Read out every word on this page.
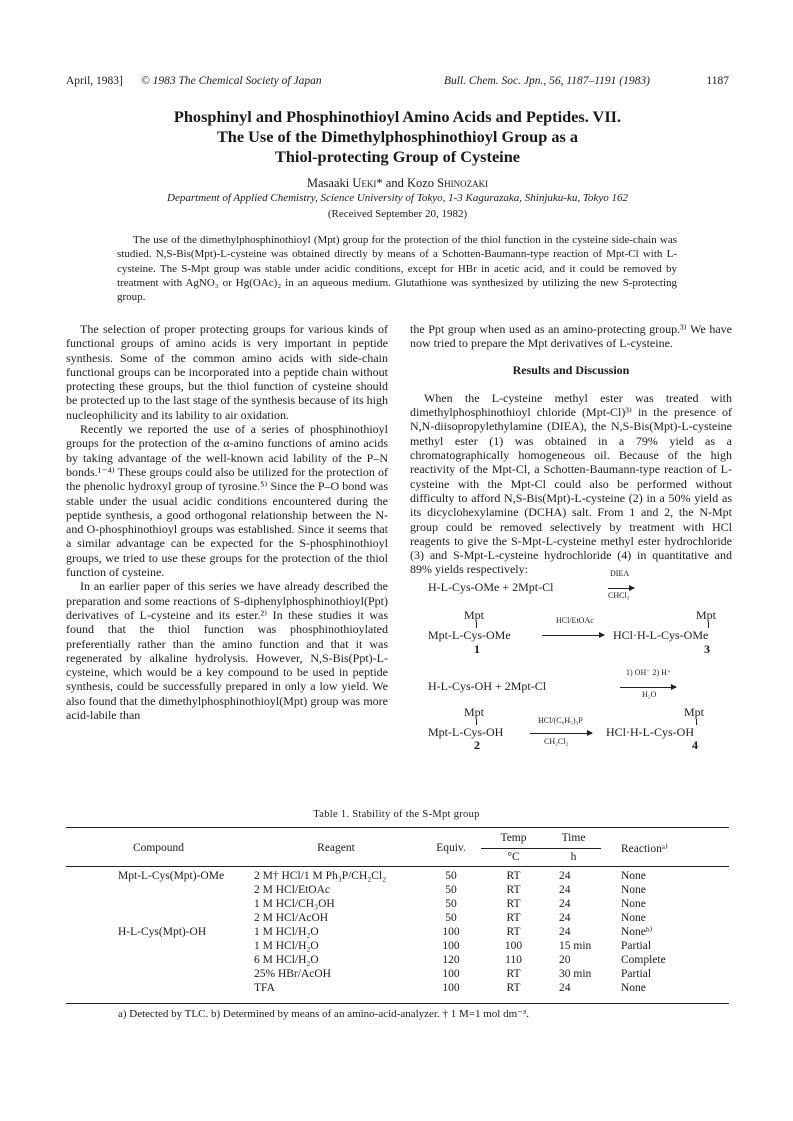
April, 1983] © 1983 The Chemical Society of Japan	Bull. Chem. Soc. Jpn., 56, 1187–1191 (1983)	1187
Phosphinyl and Phosphinothioyl Amino Acids and Peptides. VII.
The Use of the Dimethylphosphinothioyl Group as a
Thiol-protecting Group of Cysteine
Masaaki Ueki* and Kozo Shinozaki
Department of Applied Chemistry, Science University of Tokyo, 1-3 Kagurazaka, Shinjuku-ku, Tokyo 162
(Received September 20, 1982)

The use of the dimethylphosphinothioyl (Mpt) group for the protection of the thiol function in the cysteine side-chain was studied. N,S-Bis(Mpt)-L-cysteine was obtained directly by means of a Schotten-Baumann-type reaction of Mpt-Cl with L-cysteine. The S-Mpt group was stable under acidic conditions, except for HBr in acetic acid, and it could be removed by treatment with AgNO₃ or Hg(OAc)₂ in an aqueous medium. Glutathione was synthesized by utilizing the new S-protecting group.

The selection of proper protecting groups for various kinds of functional groups of amino acids is very important in peptide synthesis. Some of the common amino acids with side-chain functional groups can be incorporated into a peptide chain without protecting these groups, but the thiol function of cysteine should be protected up to the last stage of the synthesis because of its high nucleophilicity and its lability to air oxidation.

Recently we reported the use of a series of phosphinothioyl groups for the protection of the α-amino functions of amino acids by taking advantage of the well-known acid lability of the P–N bonds.¹⁻⁴⁾ These groups could also be utilized for the protection of the phenolic hydroxyl group of tyrosine.⁵⁾ Since the P–O bond was stable under the usual acidic conditions encountered during the peptide synthesis, a good orthogonal relationship between the N- and O-phosphinothioyl groups was established. Since it seems that a similar advantage can be expected for the S-phosphinothioyl groups, we tried to use these groups for the protection of the thiol function of cysteine.

In an earlier paper of this series we have already described the preparation and some reactions of S-diphenylphosphinothioyl(Ppt) derivatives of L-cysteine and its ester.²⁾ In these studies it was found that the thiol function was phosphinothioylated preferentially rather than the amino function and that it was regenerated by alkaline hydrolysis. However, N,S-Bis(Ppt)-L-cysteine, which would be a key compound to be used in peptide synthesis, could be successfully prepared in only a low yield. We also found that the dimethylphosphinothioyl(Mpt) group was more acid-labile than

the Ppt group when used as an amino-protecting group.³⁾ We have now tried to prepare the Mpt derivatives of L-cysteine.

Results and Discussion

When the L-cysteine methyl ester was treated with dimethylphosphinothioyl chloride (Mpt-Cl)³⁾ in the presence of N,N-diisopropylethylamine (DIEA), the N,S-Bis(Mpt)-L-cysteine methyl ester (1) was obtained in a 79% yield as a chromatographically homogeneous oil. Because of the high reactivity of the Mpt-Cl, a Schotten-Baumann-type reaction of L-cysteine with the Mpt-Cl could also be performed without difficulty to afford N,S-Bis(Mpt)-L-cysteine (2) in a 50% yield as its dicyclohexylamine (DCHA) salt. From 1 and 2, the N-Mpt group could be removed selectively by treatment with HCl reagents to give the S-Mpt-L-cysteine methyl ester hydrochloride (3) and S-Mpt-L-cysteine hydrochloride (4) in quantitative and 89% yields respectively:	DIEA
H-L-Cys-OMe + 2Mpt-Cl
CHCl₃
Mpt	HCl/EtOAc
Mpt-L-Cys-OMe
Mpt
HCl·H-L-Cys-OMe
1	3
1) OH⁻ 2) H⁺
H-L-Cys-OH + 2Mpt-Cl
H₂O
Mpt
HCl/(C₆H₅)₃P
Mpt-L-Cys-OH
CH₂Cl₂
Mpt
HCl·H-L-Cys-OH
2	4
Table 1. Stability of the S-Mpt group
Compound	Reagent	Equiv.	Temp	Time	Reactionᵃ⁾
			°C	h	
Mpt-L-Cys(Mpt)-OMe	2 M† HCl/1 M Ph₃P/CH₂Cl₂	50	RT	24	None
	2 M HCl/EtOAc	50	RT	24	None
	1 M HCl/CH₃OH	50	RT	24	None
	2 M HCl/AcOH	50	RT	24	None
H-L-Cys(Mpt)-OH	1 M HCl/H₂O	100	RT	24	Noneᵇ⁾
	1 M HCl/H₂O	100	100	15 min	Partial
	6 M HCl/H₂O	120	110	20	Complete
	25% HBr/AcOH	100	RT	30 min	Partial
	TFA	100	RT	24	None
a) Detected by TLC. b) Determined by means of an amino-acid-analyzer. † 1 M=1 mol dm⁻³.
